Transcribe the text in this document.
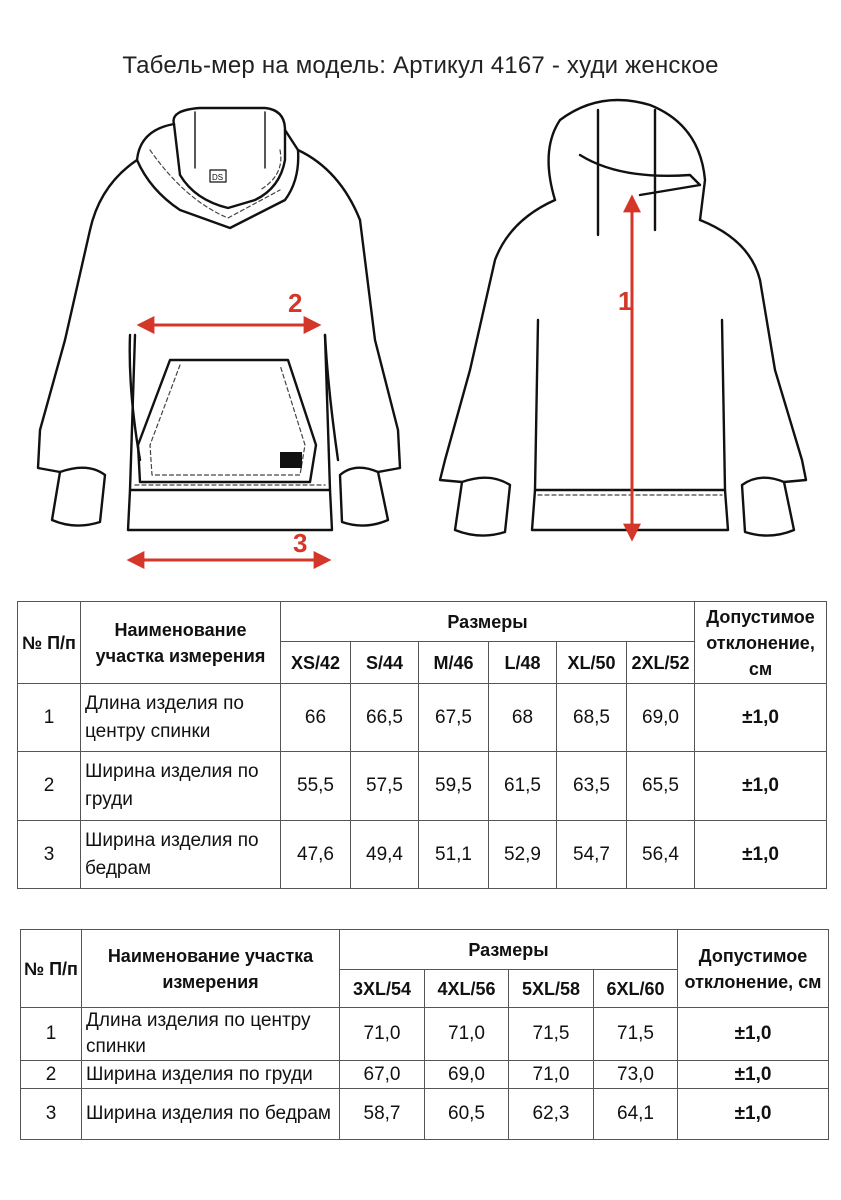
Табель-мер на модель: Артикул 4167 - худи женское
DS
2
3
1
№ П/п	Наименование участка измерения	Размеры						Допустимое отклонение, см
		XS/42	S/44	M/46	L/48	XL/50	2XL/52	
1	Длина изделия по центру спинки	66	66,5	67,5	68	68,5	69,0	±1,0
2	Ширина изделия по груди	55,5	57,5	59,5	61,5	63,5	65,5	±1,0
3	Ширина изделия по бедрам	47,6	49,4	51,1	52,9	54,7	56,4	±1,0
№ П/п	Наименование участка измерения	Размеры				Допустимое отклонение, см
		3XL/54	4XL/56	5XL/58	6XL/60	
1	Длина изделия по центру спинки	71,0	71,0	71,5	71,5	±1,0
2	Ширина изделия по груди	67,0	69,0	71,0	73,0	±1,0
3	Ширина изделия по бедрам	58,7	60,5	62,3	64,1	±1,0
